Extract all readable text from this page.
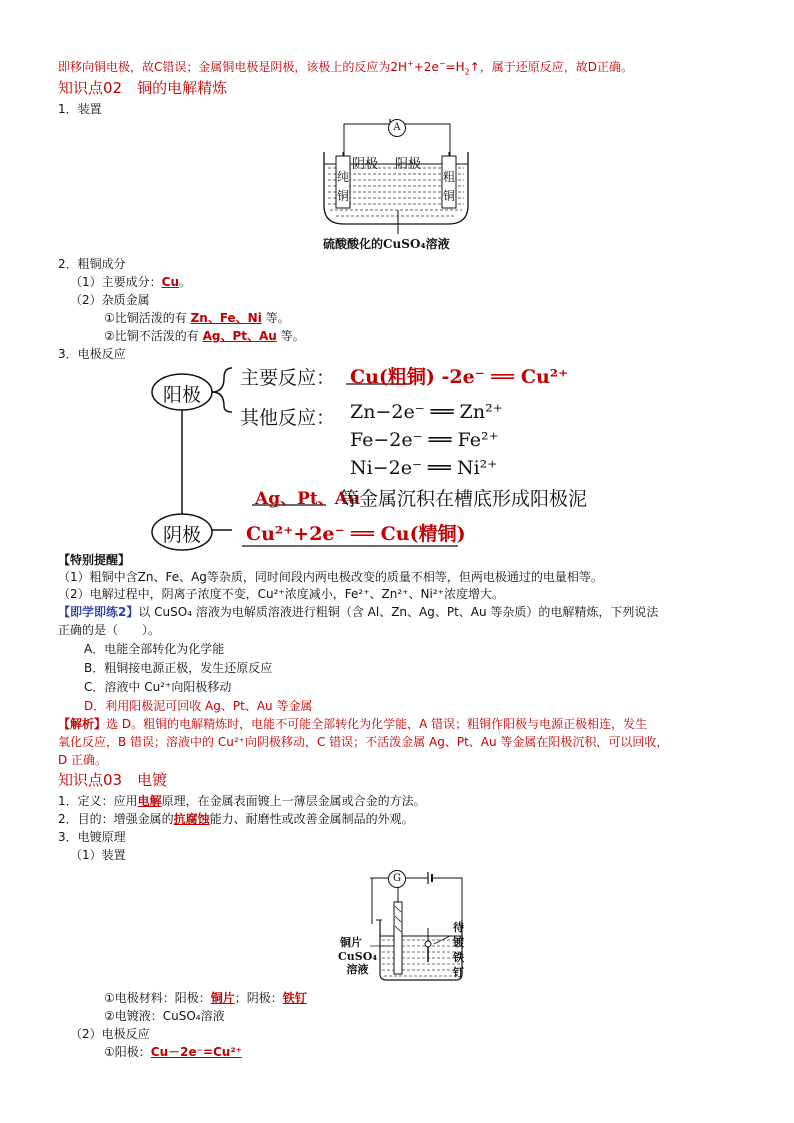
即移向铜电极，故C错误；金属铜电极是阴极，该极上的反应为$2H^++2e^-=H_2↑$，属于还原反应，故D正确。
知识点02　铜的电解精炼
1．装置
A
阴极 阳极
纯
铜
粗
铜
硫酸酸化的CuSO₄溶液
2．粗铜成分
（1）主要成分：Cu。
（2）杂质金属
①比铜活泼的有 Zn、Fe、Ni 等。
②比铜不活泼的有 Ag、Pt、Au 等。
3．电极反应
阳极
阴极
主要反应： Cu(粗铜) -2e⁻ ══ Cu²⁺
其他反应： Zn−2e⁻ ══ Zn²⁺
Fe−2e⁻ ══ Fe²⁺
Ni−2e⁻ ══ Ni²⁺
Ag、Pt、Au
等金属沉积在槽底形成阳极泥
Cu²⁺+2e⁻ ══ Cu(精铜)
【特别提醒】
（1）粗铜中含Zn、Fe、Ag等杂质，同时间段内两电极改变的质量不相等，但两电极通过的电量相等。
（2）电解过程中，阴离子浓度不变，Cu²⁺浓度减小，Fe²⁺、Zn²⁺、Ni²⁺浓度增大。
【即学即练2】以 CuSO₄ 溶液为电解质溶液进行粗铜（含 Al、Zn、Ag、Pt、Au 等杂质）的电解精炼，下列说法
正确的是（　　）。
A．电能全部转化为化学能
B．粗铜接电源正极，发生还原反应
C．溶液中 Cu²⁺向阳极移动
D．利用阳极泥可回收 Ag、Pt、Au 等金属
【解析】选 D。粗铜的电解精炼时，电能不可能全部转化为化学能，A 错误；粗铜作阳极与电源正极相连，发生
氧化反应，B 错误；溶液中的 Cu²⁺向阴极移动，C 错误；不活泼金属 Ag、Pt、Au 等金属在阳极沉积，可以回收，
D 正确。
知识点03　电镀
1．定义：应用电解原理，在金属表面镀上一薄层金属或合金的方法。
2．目的：增强金属的抗腐蚀能力、耐磨性或改善金属制品的外观。
3．电镀原理
（1）装置
G
铜片
CuSO₄
溶液
待
镀
铁
钉
①电极材料：阳极：铜片；阴极：铁钉
②电镀液：CuSO₄溶液
（2）电极反应
①阳极：Cu－2e⁻=Cu²⁺
